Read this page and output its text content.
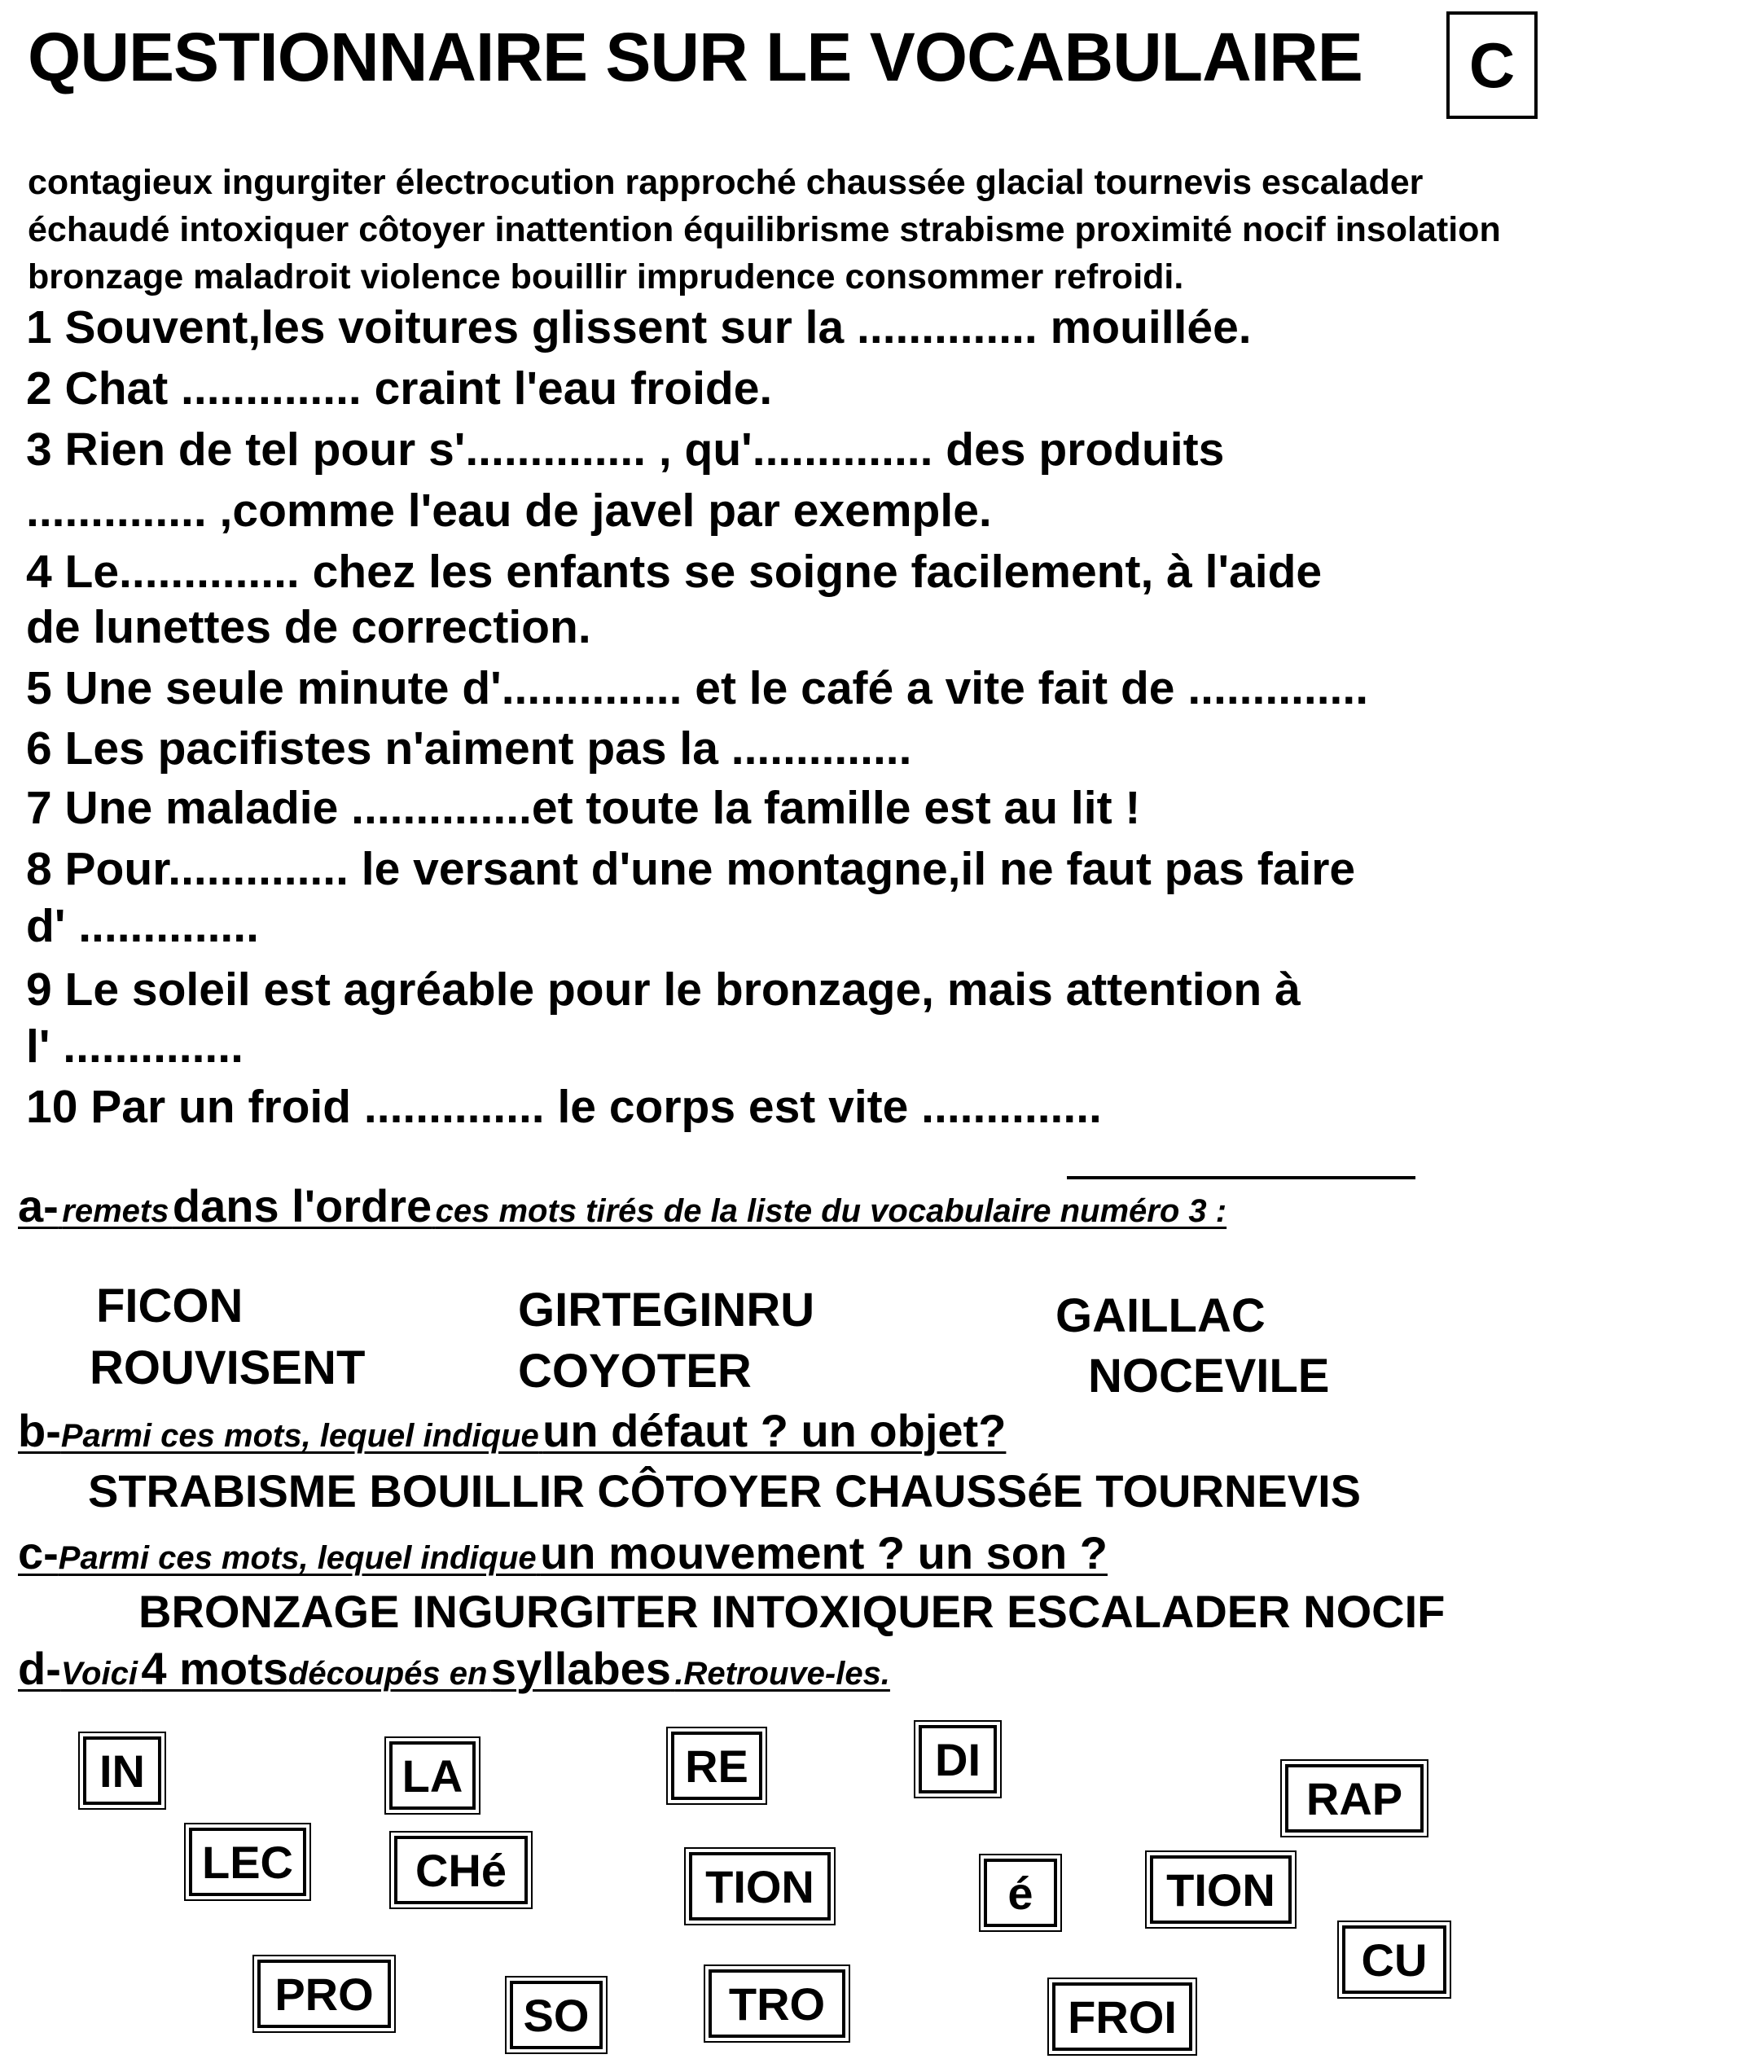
QUESTIONNAIRE SUR LE VOCABULAIRE	C
contagieux ingurgiter électrocution rapproché chaussée glacial tournevis escalader
échaudé intoxiquer côtoyer inattention équilibrisme strabisme proximité nocif insolation
bronzage maladroit violence bouillir imprudence consommer refroidi.
1 Souvent,les voitures glissent sur la .............. mouillée.
2 Chat .............. craint l'eau froide.
3 Rien de tel pour s'.............. , qu'.............. des produits
.............. ,comme l'eau de javel par exemple.
4 Le.............. chez les enfants se soigne facilement, à l'aide
de lunettes de correction.
5 Une seule minute d'.............. et le café a vite fait de ..............
6 Les pacifistes n'aiment pas la ..............
7 Une maladie ..............et toute la famille est au lit !
8 Pour.............. le versant d'une montagne,il ne faut pas faire
d' ..............
9 Le soleil est agréable pour le bronzage, mais attention à
l' ..............
10 Par un froid .............. le corps est vite ..............
a- remets dans l'ordre ces mots tirés de la liste du vocabulaire numéro 3 :
FICON	GIRTEGINRU	GAILLAC
ROUVISENT	COYOTER	NOCEVILE
b-Parmi ces mots, lequel indique un défaut ? un objet?
STRABISME BOUILLIR CÔTOYER CHAUSSéE TOURNEVIS
c-Parmi ces mots, lequel indique un mouvement ? un son ?
BRONZAGE INGURGITER INTOXIQUER ESCALADER NOCIF
d-Voici 4 motsdécoupés en syllabes .Retrouve-les.
IN	LA	RE	DI
RAP
LEC	CHé	TION	é	TION
CU
PRO	SO	TRO	FROI
